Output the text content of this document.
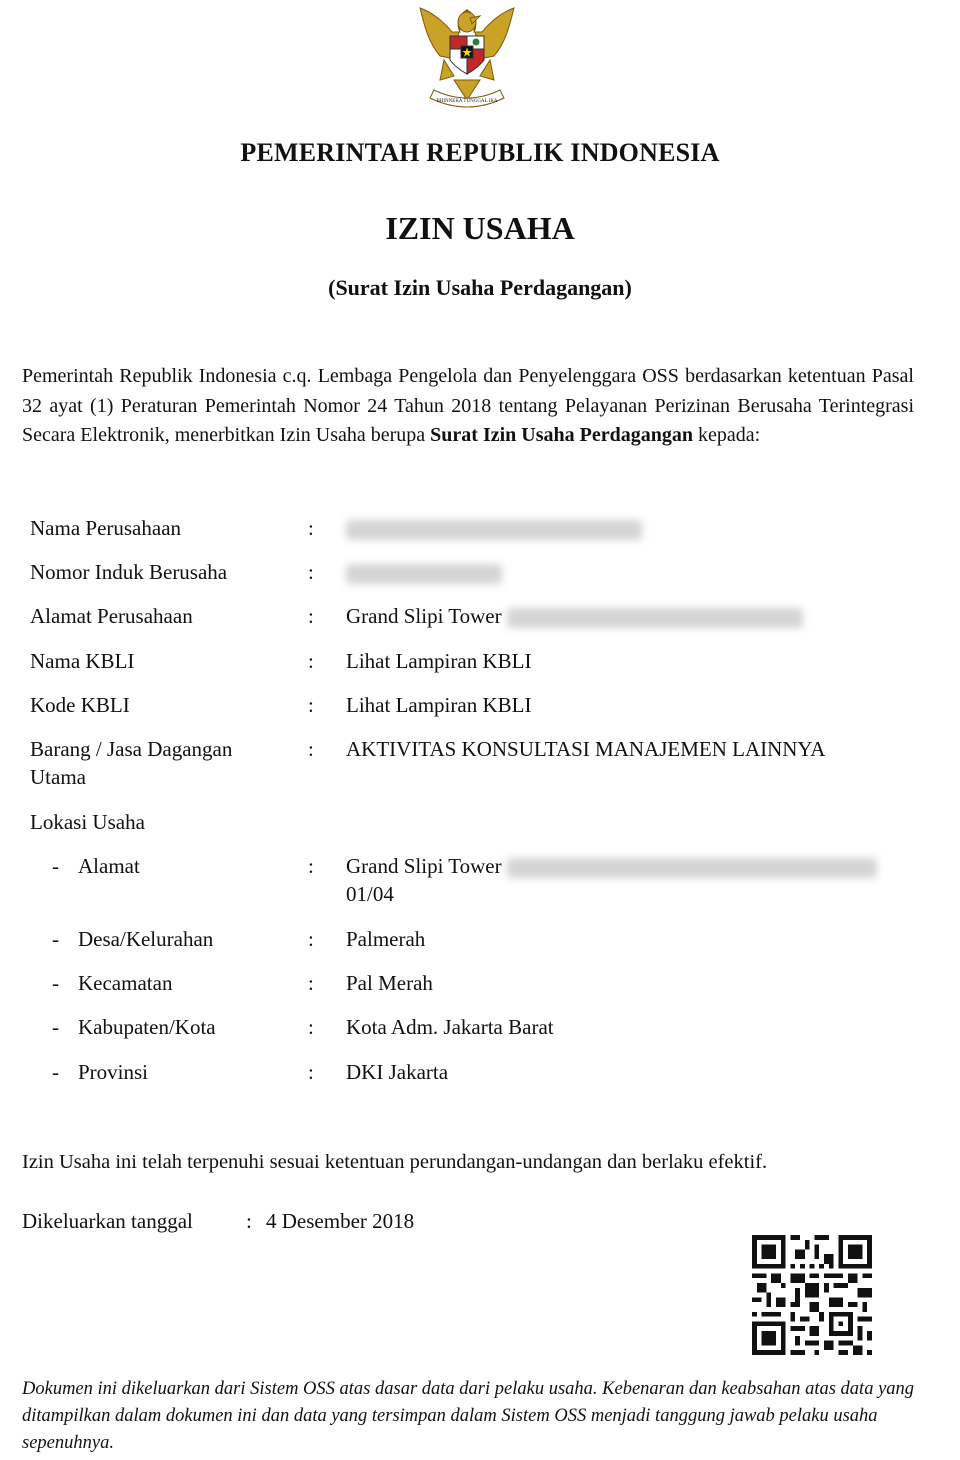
BHINNEKA TUNGGAL IKA
PEMERINTAH REPUBLIK INDONESIA
IZIN USAHA
(Surat Izin Usaha Perdagangan)

Pemerintah Republik Indonesia c.q. Lembaga Pengelola dan Penyelenggara OSS berdasarkan ketentuan Pasal 32 ayat (1) Peraturan Pemerintah Nomor 24 Tahun 2018 tentang Pelayanan Perizinan Berusaha Terintegrasi Secara Elektronik, menerbitkan Izin Usaha berupa Surat Izin Usaha Perdagangan kepada:

Nama Perusahaan	:
Nomor Induk Berusaha	:
Alamat Perusahaan	: Grand Slipi Tower
Nama KBLI	: Lihat Lampiran KBLI
Kode KBLI	: Lihat Lampiran KBLI
Barang / Jasa Dagangan
Utama
: AKTIVITAS KONSULTASI MANAJEMEN LAINNYA
Lokasi Usaha
- Alamat	: Grand Slipi Tower
01/04
- Desa/Kelurahan	: Palmerah
- Kecamatan	: Pal Merah
- Kabupaten/Kota	: Kota Adm. Jakarta Barat
- Provinsi	: DKI Jakarta

Izin Usaha ini telah terpenuhi sesuai ketentuan perundangan-undangan dan berlaku efektif.

Dikeluarkan tanggal	: 4 Desember 2018

Dokumen ini dikeluarkan dari Sistem OSS atas dasar data dari pelaku usaha. Kebenaran dan keabsahan atas data yang ditampilkan dalam dokumen ini dan data yang tersimpan dalam Sistem OSS menjadi tanggung jawab pelaku usaha sepenuhnya.
